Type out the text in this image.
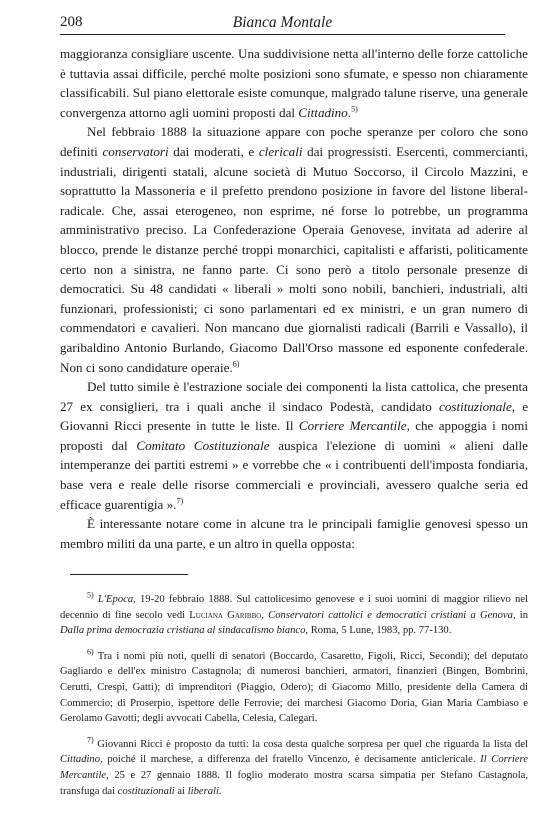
208	Bianca Montale

maggioranza consigliare uscente. Una suddivisione netta all'interno delle forze cattoliche è tuttavia assai difficile, perché molte posizioni sono sfumate, e spesso non chiaramente classificabili. Sul piano elettorale esiste comunque, malgrado talune riserve, una generale convergenza attorno agli uomini proposti dal Cittadino.$^{5)}$

Nel febbraio 1888 la situazione appare con poche speranze per coloro che sono definiti conservatori dai moderati, e clericali dai progressisti. Esercenti, commercianti, industriali, dirigenti statali, alcune società di Mutuo Soccorso, il Circolo Mazzini, e soprattutto la Massoneria e il prefetto prendono posizione in favore del listone liberal-radicale. Che, assai eterogeneo, non esprime, né forse lo potrebbe, un programma amministrativo preciso. La Confederazione Operaia Genovese, invitata ad aderire al blocco, prende le distanze perché troppi monarchici, capitalisti e affaristi, politicamente certo non a sinistra, ne fanno parte. Ci sono però a titolo personale presenze di democratici. Su 48 candidati « liberali » molti sono nobili, banchieri, industriali, alti funzionari, professionisti; ci sono parlamentari ed ex ministri, e un gran numero di commendatori e cavalieri. Non mancano due giornalisti radicali (Barrili e Vassallo), il garibaldino Antonio Burlando, Giacomo Dall'Orso massone ed esponente confederale. Non ci sono candidature operaie.$^{6)}$

Del tutto simile è l'estrazione sociale dei componenti la lista cattolica, che presenta 27 ex consiglieri, tra i quali anche il sindaco Podestà, candidato costituzionale, e Giovanni Ricci presente in tutte le liste. Il Corriere Mercantile, che appoggia i nomi proposti dal Comitato Costituzionale auspica l'elezione di uomini « alieni dalle intemperanze dei partiti estremi » e vorrebbe che « i contribuenti dell'imposta fondiaria, base vera e reale delle risorse commerciali e provinciali, avessero qualche seria ed efficace guarentigia ».$^{7)}$

È interessante notare come in alcune tra le principali famiglie genovesi spesso un membro militi da una parte, e un altro in quella opposta:

$^{5)}$ L'Epoca, 19-20 febbraio 1888. Sul cattolicesimo genovese e i suoi uomini di maggior rilievo nel decennio di fine secolo vedi Luciana Garibbo, Conservatori cattolici e democratici cristiani a Genova, in Dalla prima democrazia cristiana al sindacalismo bianco, Roma, 5 Lune, 1983, pp. 77-130.

$^{6)}$ Tra i nomi più noti, quelli di senatori (Boccardo, Casaretto, Figoli, Ricci, Secondi); del deputato Gagliardo e dell'ex ministro Castagnola; di numerosi banchieri, armatori, finanzieri (Bingen, Bombrini, Cerutti, Crespi, Gatti); di imprenditori (Piaggio, Odero); di Giacomo Millo, presidente della Camera di Commercio; di Proserpio, ispettore delle Ferrovie; dei marchesi Giacomo Doria, Gian Maria Cambiaso e Gerolamo Gavotti; degli avvocati Cabella, Celesia, Calegari.

$^{7)}$ Giovanni Ricci è proposto da tutti: la cosa desta qualche sorpresa per quel che riguarda la lista del Cittadino, poiché il marchese, a differenza del fratello Vincenzo, è decisamente anticlericale. Il Corriere Mercantile, 25 e 27 gennaio 1888. Il foglio moderato mostra scarsa simpatia per Stefano Castagnola, transfuga dai costituzionali ai liberali.
